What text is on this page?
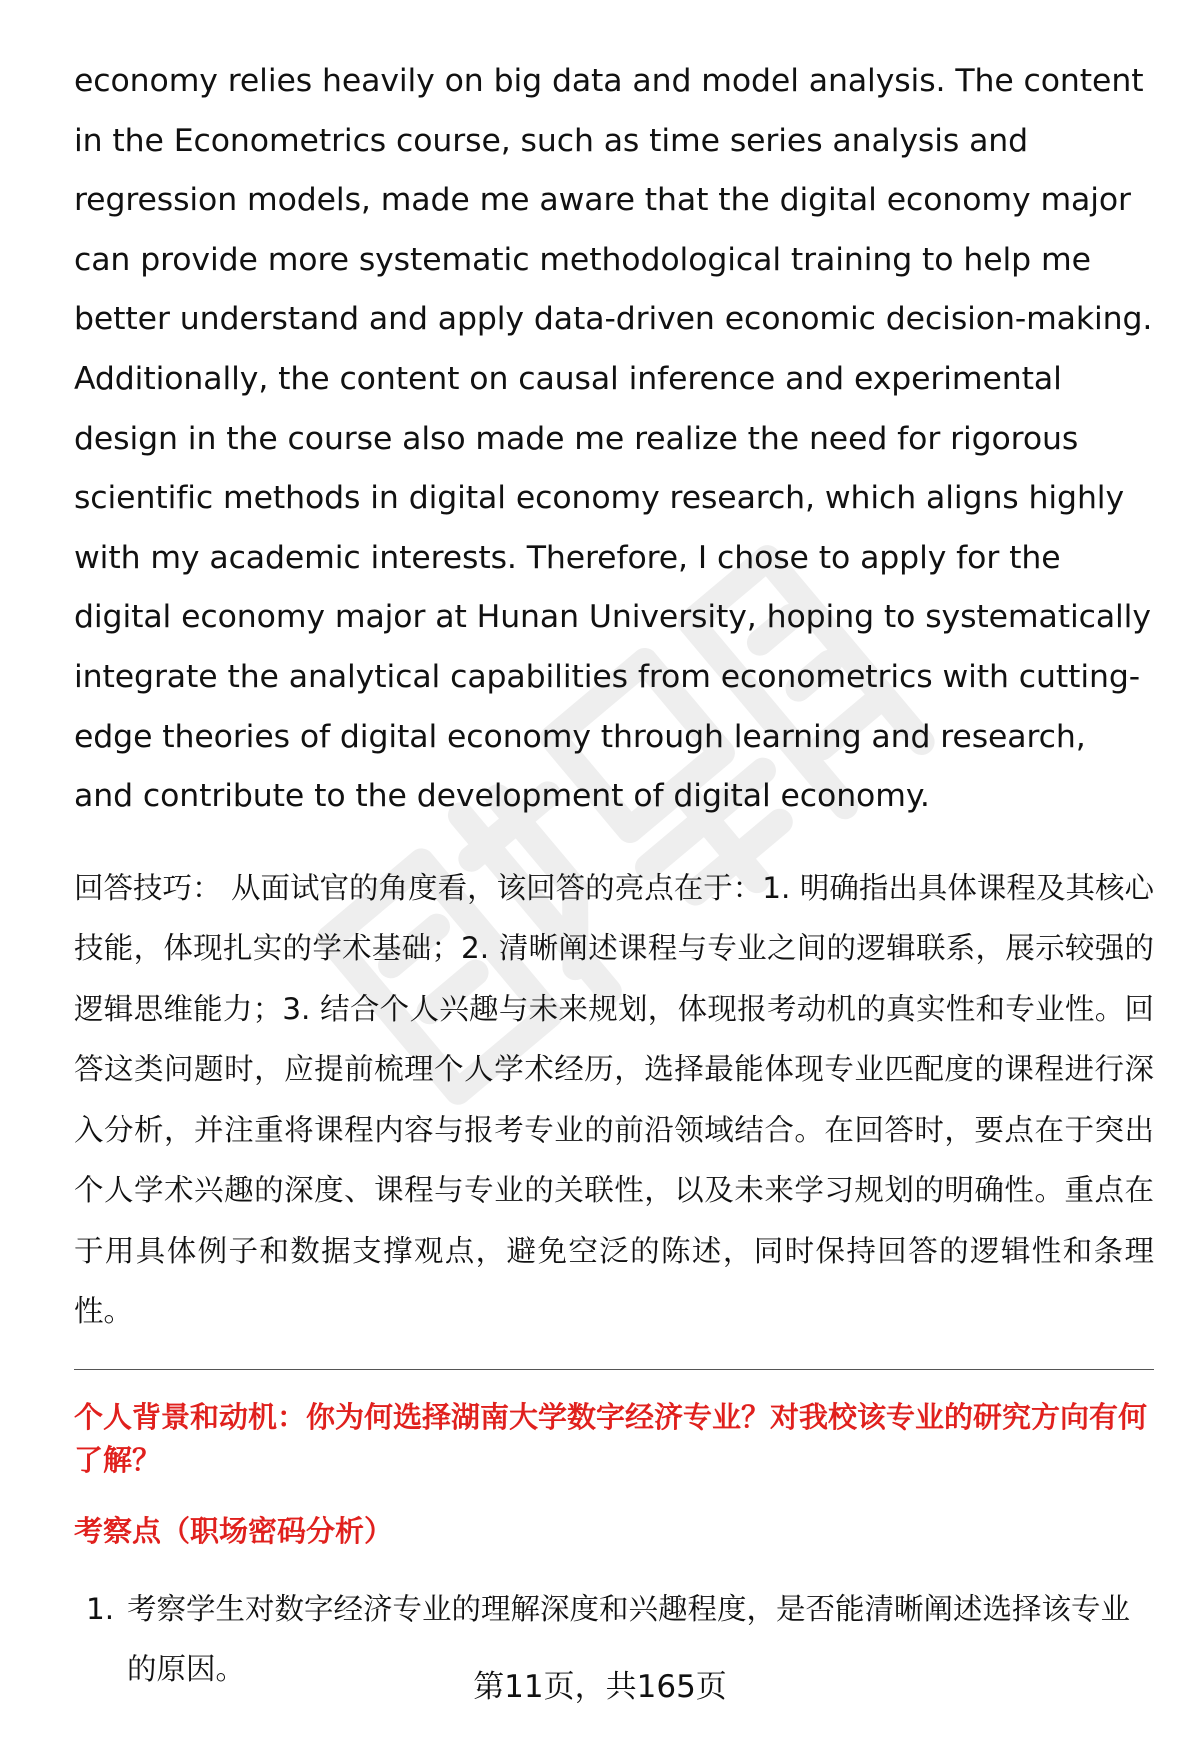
economy relies heavily on big data and model analysis. The content in the Econometrics course, such as time series analysis and regression models, made me aware that the digital economy major can provide more systematic methodological training to help me better understand and apply data-driven economic decision-making. Additionally, the content on causal inference and experimental design in the course also made me realize the need for rigorous scientific methods in digital economy research, which aligns highly with my academic interests. Therefore, I chose to apply for the digital economy major at Hunan University, hoping to systematically integrate the analytical capabilities from econometrics with cutting-edge theories of digital economy through learning and research, and contribute to the development of digital economy.

回答技巧： 从面试官的角度看，该回答的亮点在于：1. 明确指出具体课程及其核心技能，体现扎实的学术基础；2. 清晰阐述课程与专业之间的逻辑联系，展示较强的逻辑思维能力；3. 结合个人兴趣与未来规划，体现报考动机的真实性和专业性。回答这类问题时，应提前梳理个人学术经历，选择最能体现专业匹配度的课程进行深入分析，并注重将课程内容与报考专业的前沿领域结合。在回答时，要点在于突出个人学术兴趣的深度、课程与专业的关联性，以及未来学习规划的明确性。重点在于用具体例子和数据支撑观点，避免空泛的陈述，同时保持回答的逻辑性和条理性。

个人背景和动机：你为何选择湖南大学数字经济专业？对我校该专业的研究方向有何了解？
考察点（职场密码分析）
1. 考察学生对数字经济专业的理解深度和兴趣程度，是否能清晰阐述选择该专业的原因。	第11页，共165页
